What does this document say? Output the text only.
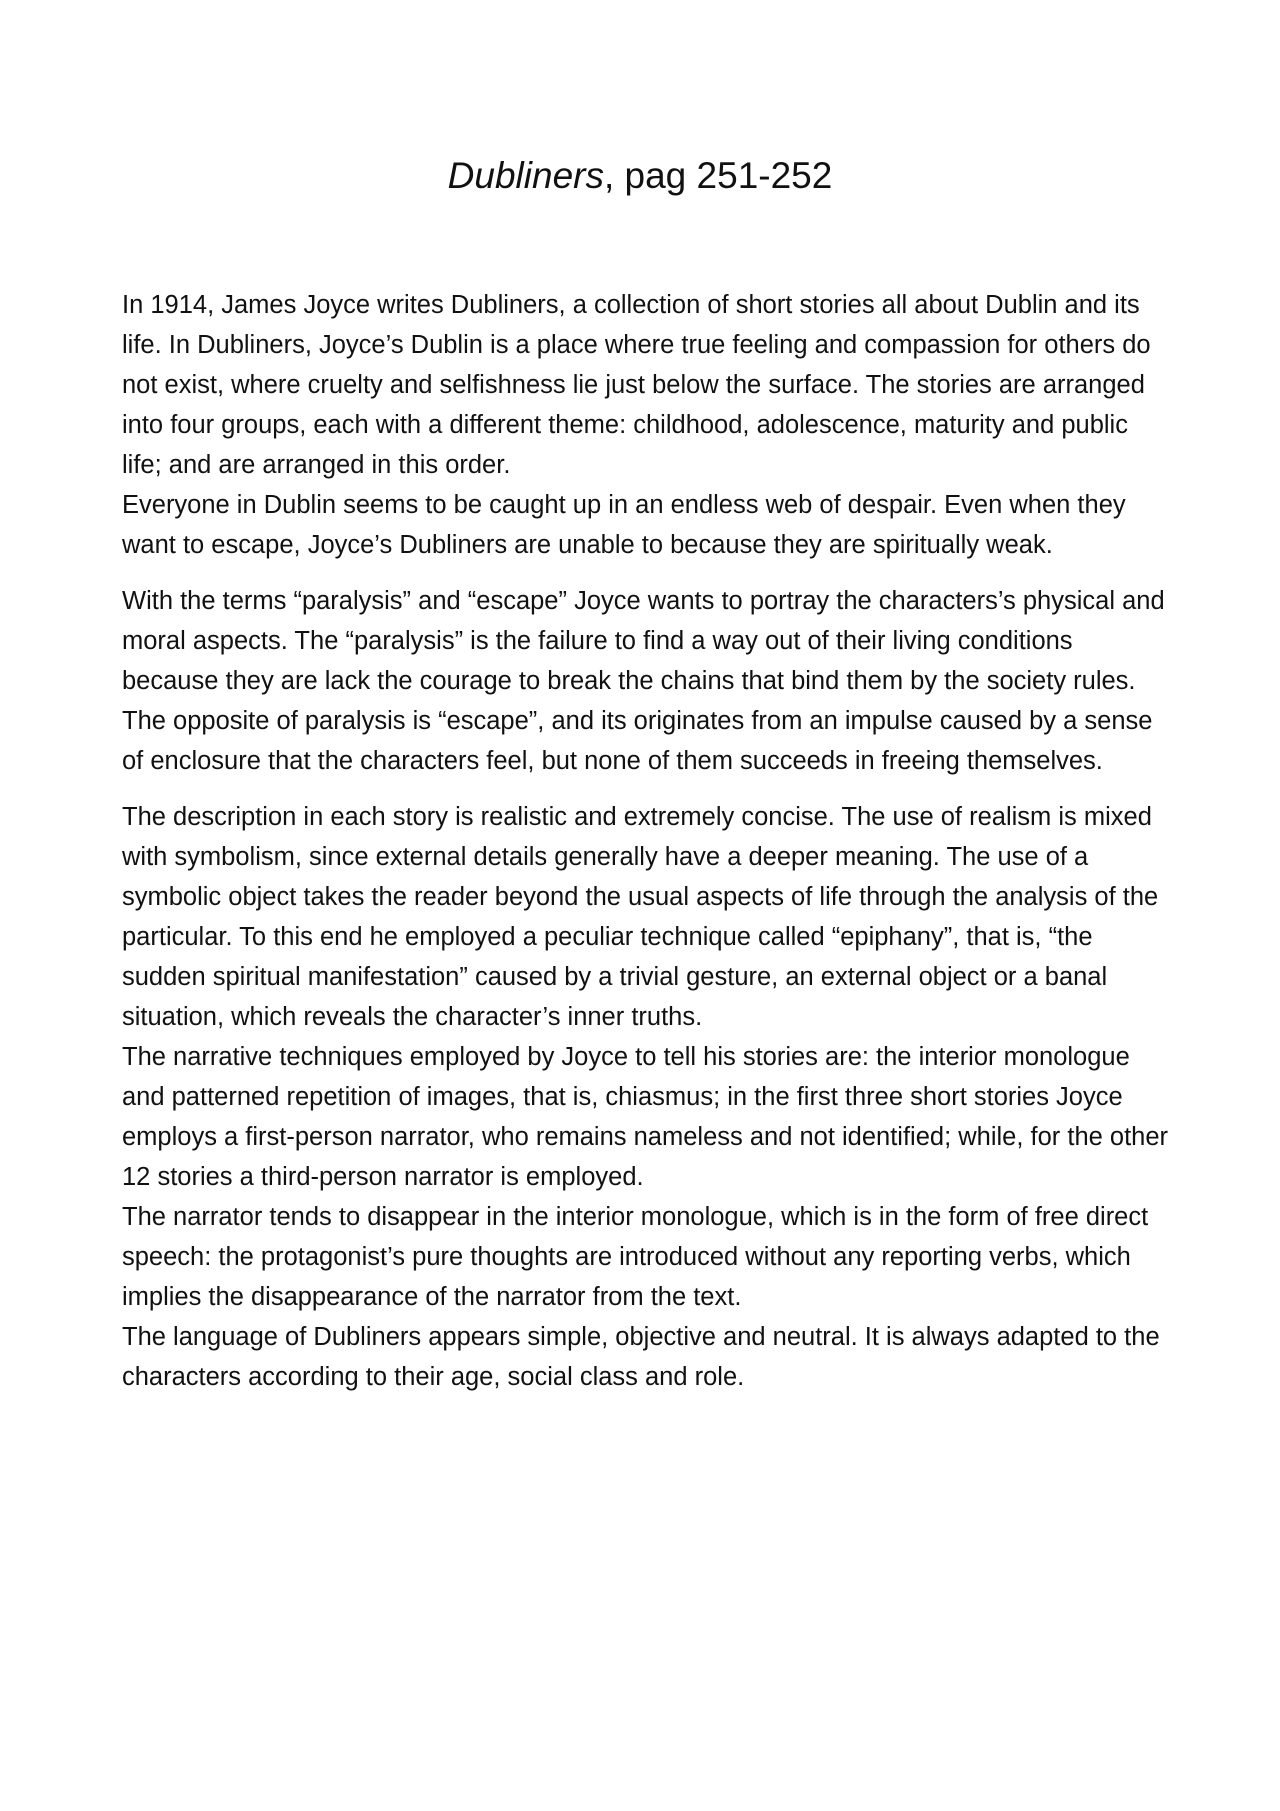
Dubliners, pag 251-252

In 1914, James Joyce writes Dubliners, a collection of short stories all about Dublin and its life. In Dubliners, Joyce’s Dublin is a place where true feeling and compassion for others do not exist, where cruelty and selfishness lie just below the surface. The stories are arranged into four groups, each with a different theme: childhood, adolescence, maturity and public life; and are arranged in this order.

Everyone in Dublin seems to be caught up in an endless web of despair. Even when they want to escape, Joyce’s Dubliners are unable to because they are spiritually weak.

With the terms “paralysis” and “escape” Joyce wants to portray the characters’s physical and moral aspects. The “paralysis” is the failure to find a way out of their living conditions because they are lack the courage to break the chains that bind them by the society rules. The opposite of paralysis is “escape”, and its originates from an impulse caused by a sense of enclosure that the characters feel, but none of them succeeds in freeing themselves.

The description in each story is realistic and extremely concise. The use of realism is mixed with symbolism, since external details generally have a deeper meaning. The use of a symbolic object takes the reader beyond the usual aspects of life through the analysis of the particular. To this end he employed a peculiar technique called “epiphany”, that is, “the sudden spiritual manifestation” caused by a trivial gesture, an external object or a banal situation, which reveals the character’s inner truths.

The narrative techniques employed by Joyce to tell his stories are: the interior monologue and patterned repetition of images, that is, chiasmus; in the first three short stories Joyce employs a first-person narrator, who remains nameless and not identified; while, for the other 12 stories a third-person narrator is employed.

The narrator tends to disappear in the interior monologue, which is in the form of free direct speech: the protagonist’s pure thoughts are introduced without any reporting verbs, which implies the disappearance of the narrator from the text.

The language of Dubliners appears simple, objective and neutral. It is always adapted to the characters according to their age, social class and role.
